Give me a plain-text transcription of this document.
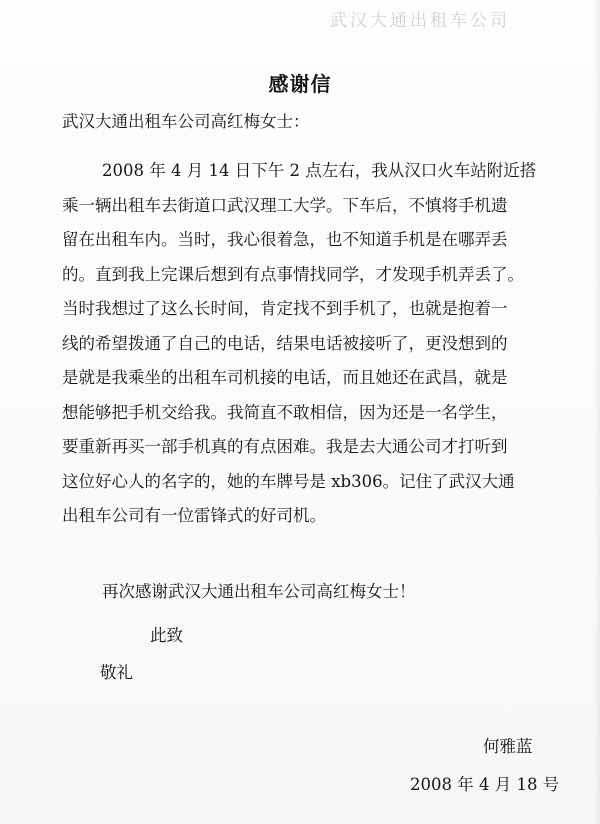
武汉大通出租车公司
感谢信
武汉大通出租车公司高红梅女士：
2008 年 4 月 14 日下午 2 点左右，我从汉口火车站附近搭
乘一辆出租车去街道口武汉理工大学。下车后，不慎将手机遗
留在出租车内。当时，我心很着急，也不知道手机是在哪弄丢
的。直到我上完课后想到有点事情找同学，才发现手机弄丢了。
当时我想过了这么长时间，肯定找不到手机了，也就是抱着一
线的希望拨通了自己的电话，结果电话被接听了，更没想到的
是就是我乘坐的出租车司机接的电话，而且她还在武昌，就是
想能够把手机交给我。我简直不敢相信，因为还是一名学生，
要重新再买一部手机真的有点困难。我是去大通公司才打听到
这位好心人的名字的，她的车牌号是 xb306。记住了武汉大通
出租车公司有一位雷锋式的好司机。
再次感谢武汉大通出租车公司高红梅女士！
此致
敬礼
何雅蓝
2008 年 4 月 18 号
